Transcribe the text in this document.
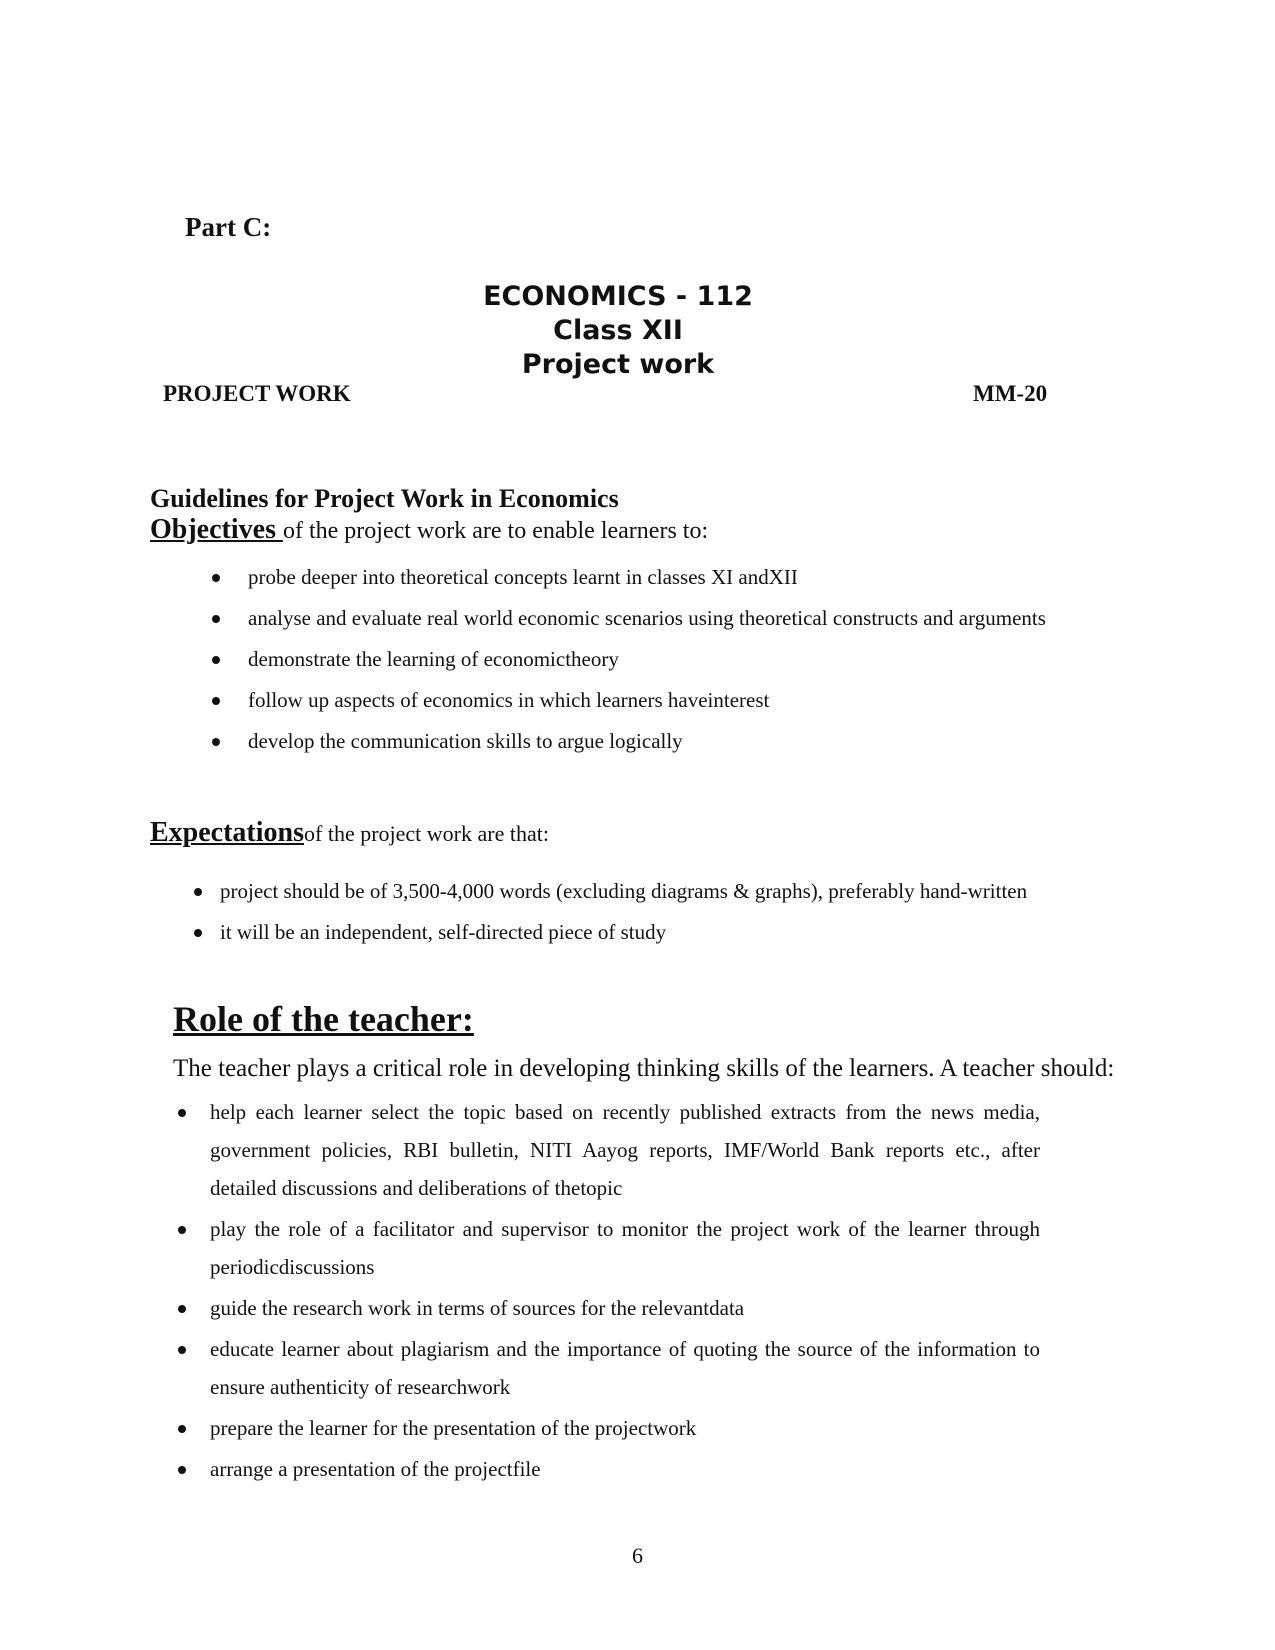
Part C:
ECONOMICS - 112
Class XII
Project work
PROJECT WORK	MM-20
Guidelines for Project Work in Economics
Objectives of the project work are to enable learners to:
probe deeper into theoretical concepts learnt in classes XI andXII
analyse and evaluate real world economic scenarios using theoretical constructs and arguments
demonstrate the learning of economictheory
follow up aspects of economics in which learners haveinterest
develop the communication skills to argue logically
Expectationsof the project work are that:
project should be of 3,500-4,000 words (excluding diagrams & graphs), preferably hand-written
it will be an independent, self-directed piece of study
Role of the teacher:
The teacher plays a critical role in developing thinking skills of the learners. A teacher should:
help each learner select the topic based on recently published extracts from the news media, government policies, RBI bulletin, NITI Aayog reports, IMF/World Bank reports etc., after detailed discussions and deliberations of thetopic
play the role of a facilitator and supervisor to monitor the project work of the learner through periodicdiscussions
guide the research work in terms of sources for the relevantdata
educate learner about plagiarism and the importance of quoting the source of the information to ensure authenticity of researchwork
prepare the learner for the presentation of the projectwork
arrange a presentation of the projectfile
6
